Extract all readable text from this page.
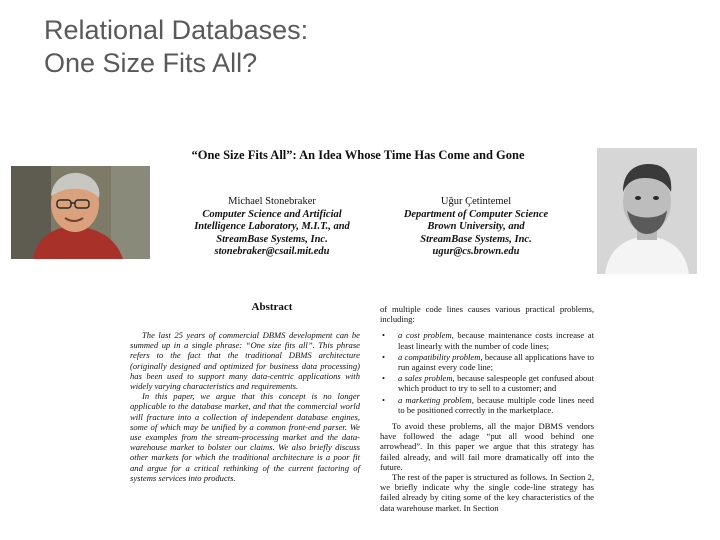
Relational Databases:
One Size Fits All?
“One Size Fits All”: An Idea Whose Time Has Come and Gone
Michael Stonebraker
Computer Science and Artificial
Intelligence Laboratory, M.I.T., and
StreamBase Systems, Inc.
stonebraker@csail.mit.edu
Uğur Çetintemel
Department of Computer Science
Brown University, and
StreamBase Systems, Inc.
ugur@cs.brown.edu
Abstract

The last 25 years of commercial DBMS development can be summed up in a single phrase: “One size fits all”. This phrase refers to the fact that the traditional DBMS architecture (originally designed and optimized for business data processing) has been used to support many data-centric applications with widely varying characteristics and requirements.

In this paper, we argue that this concept is no longer applicable to the database market, and that the commercial world will fracture into a collection of independent database engines, some of which may be unified by a common front-end parser. We use examples from the stream-processing market and the data-warehouse market to bolster our claims. We also briefly discuss other markets for which the traditional architecture is a poor fit and argue for a critical rethinking of the current factoring of systems services into products.

of multiple code lines causes various practical problems, including:

• a cost problem, because maintenance costs increase at least linearly with the number of code lines;
• a compatibility problem, because all applications have to run against every code line;
• a sales problem, because salespeople get confused about which product to try to sell to a customer; and
• a marketing problem, because multiple code lines need to be positioned correctly in the marketplace.

To avoid these problems, all the major DBMS vendors have followed the adage “put all wood behind one arrowhead”. In this paper we argue that this strategy has failed already, and will fail more dramatically off into the future.

The rest of the paper is structured as follows. In Section 2, we briefly indicate why the single code-line strategy has failed already by citing some of the key characteristics of the data warehouse market. In Section
